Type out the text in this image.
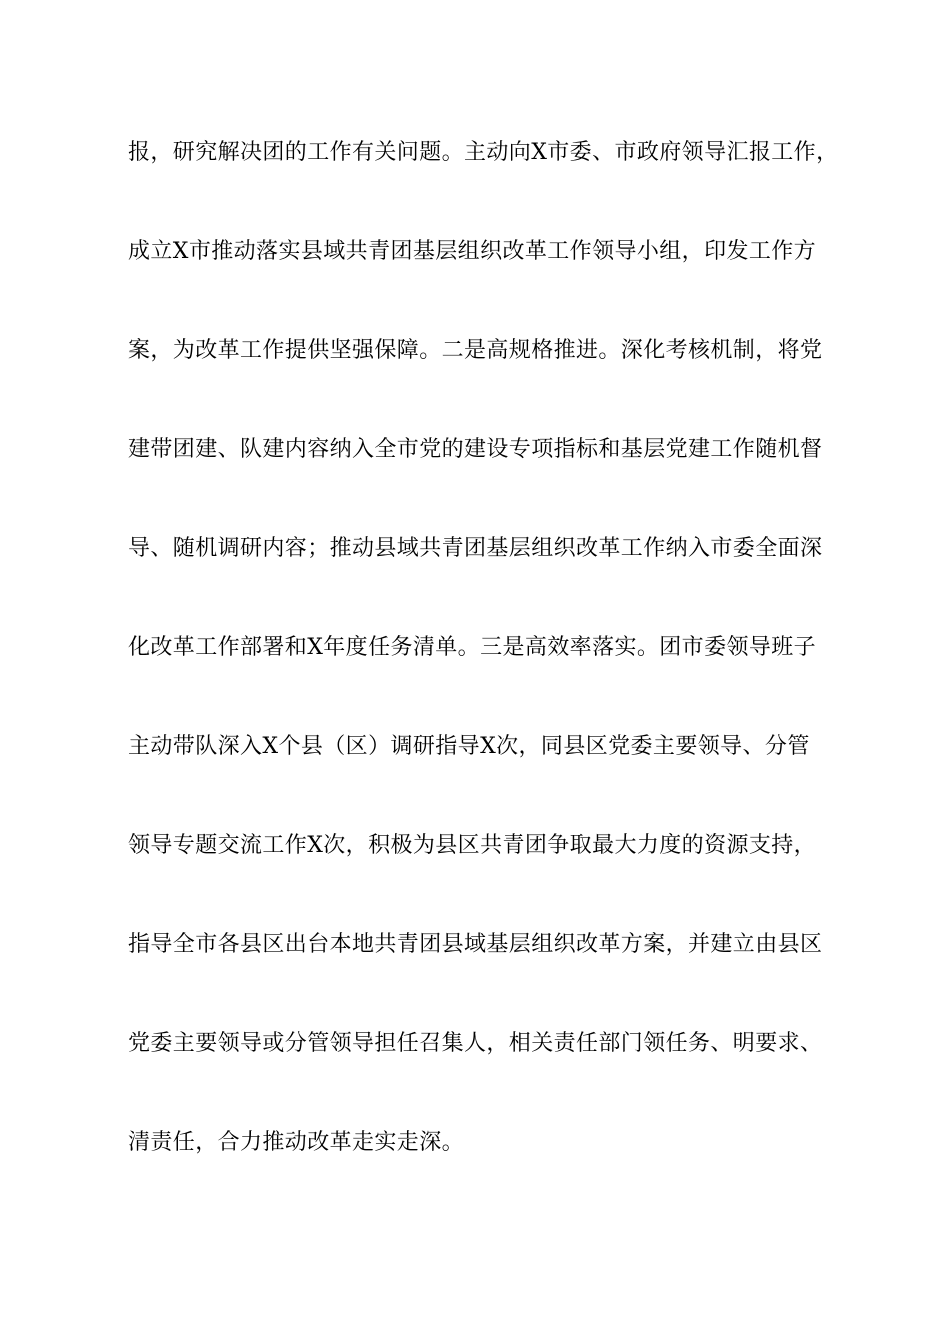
报，研究解决团的工作有关问题。主动向X市委、市政府领导汇报工作，
成立X市推动落实县域共青团基层组织改革工作领导小组，印发工作方
案，为改革工作提供坚强保障。二是高规格推进。深化考核机制，将党
建带团建、队建内容纳入全市党的建设专项指标和基层党建工作随机督
导、随机调研内容；推动县域共青团基层组织改革工作纳入市委全面深
化改革工作部署和X年度任务清单。三是高效率落实。团市委领导班子
主动带队深入X个县（区）调研指导X次，同县区党委主要领导、分管
领导专题交流工作X次，积极为县区共青团争取最大力度的资源支持，
指导全市各县区出台本地共青团县域基层组织改革方案，并建立由县区
党委主要领导或分管领导担任召集人，相关责任部门领任务、明要求、
清责任，合力推动改革走实走深。
